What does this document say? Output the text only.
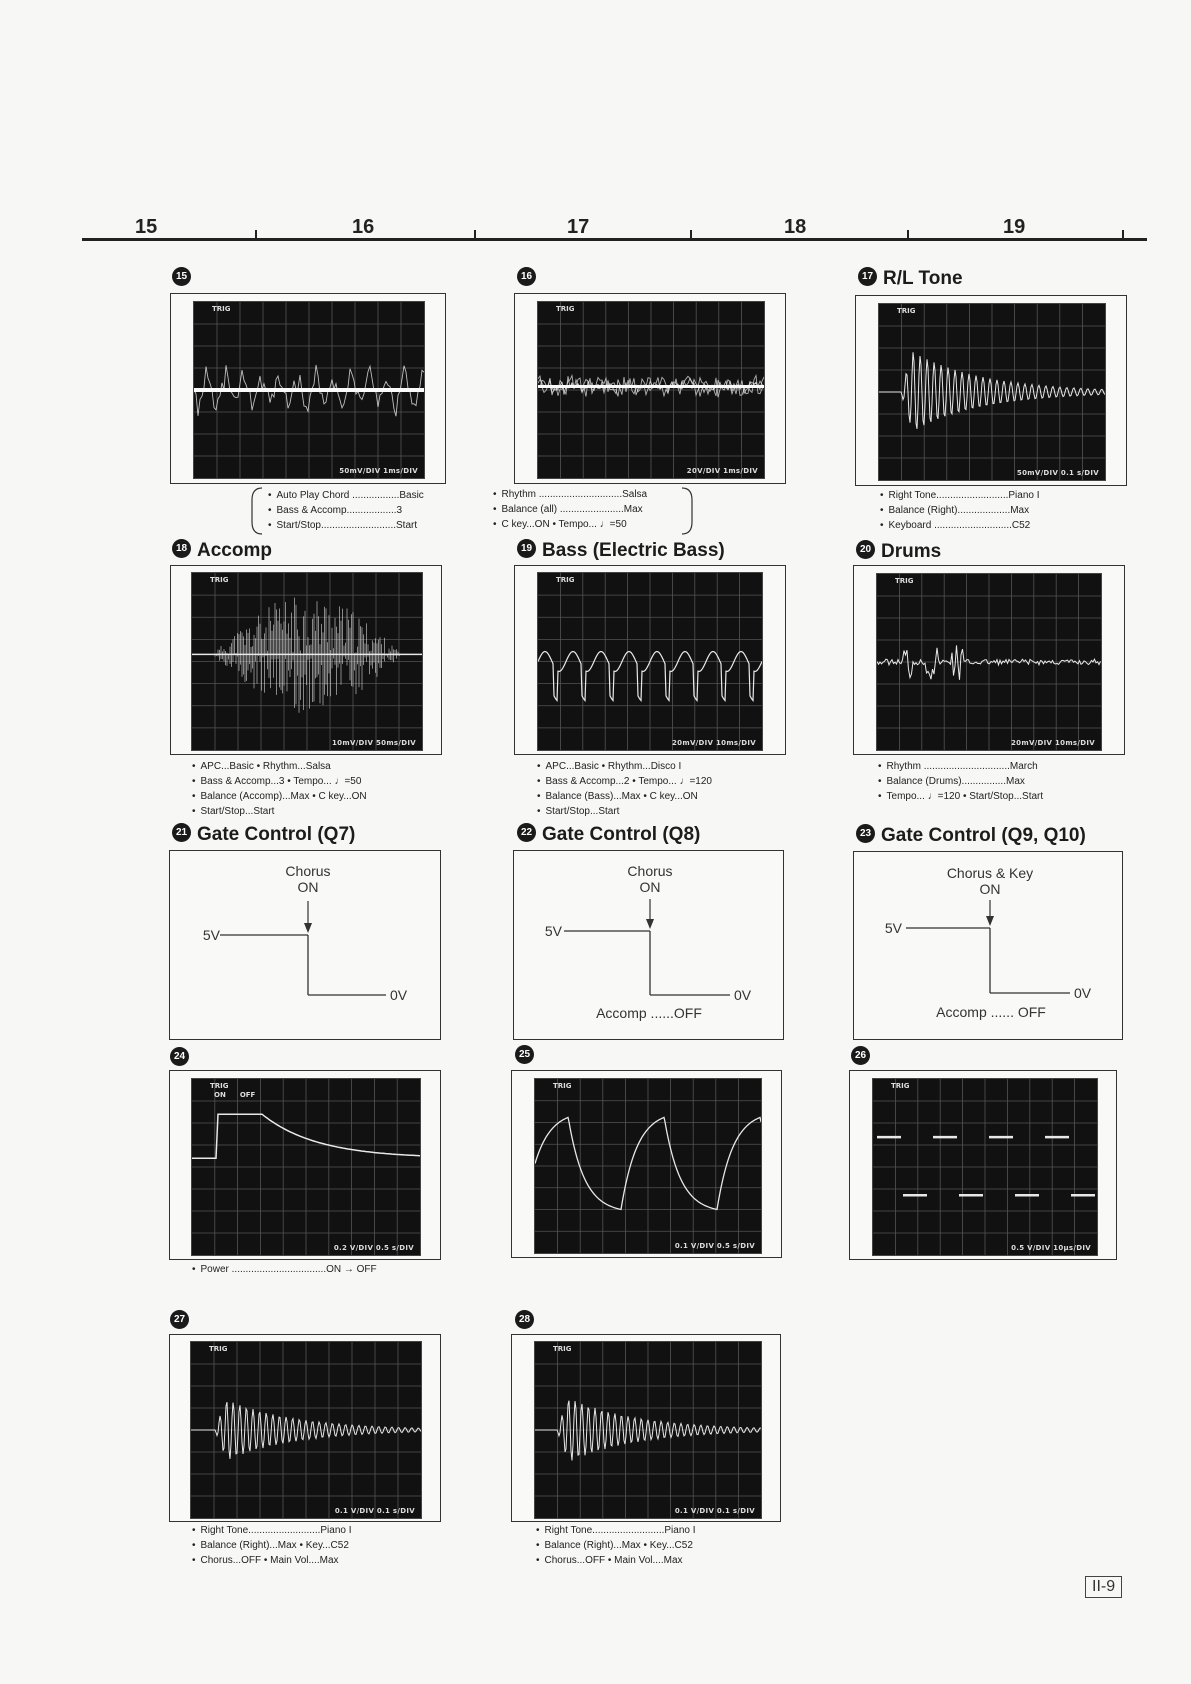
15	16	17	18	19
15
TRIG
50mV/DIV 1ms/DIV
16
TRIG
20V/DIV 1ms/DIV
17 R/L Tone
TRIG
50mV/DIV 0.1 s/DIV
• Auto Play Chord .................Basic
• Bass & Accomp..................3
• Start/Stop...........................Start
• Rhythm ..............................Salsa
• Balance (all) .......................Max
• C key...ON • Tempo... ♩=50
• Right Tone..........................Piano I
• Balance (Right)...................Max
• Keyboard ............................C52
18 Accomp
TRIG
10mV/DIV 50ms/DIV
19 Bass (Electric Bass)
TRIG
20mV/DIV 10ms/DIV
20 Drums
TRIG
20mV/DIV 10ms/DIV
• APC...Basic • Rhythm...Salsa
• Bass & Accomp...3 • Tempo... ♩=50
• Balance (Accomp)...Max • C key...ON
• Start/Stop...Start
• APC...Basic • Rhythm...Disco I
• Bass & Accomp...2 • Tempo... ♩=120
• Balance (Bass)...Max • C key...ON
• Start/Stop...Start
• Rhythm ...............................March
• Balance (Drums)................Max
• Tempo... ♩=120 • Start/Stop...Start
21 Gate Control (Q7)
Chorus
ON
5V
0V
22 Gate Control (Q8)
Chorus
ON
5V
0V
Accomp ......OFF
23 Gate Control (Q9, Q10)
Chorus & Key
ON
5V
0V
Accomp ...... OFF
24
TRIG
ON OFF
0.2 V/DIV 0.5 s/DIV
25
TRIG
0.1 V/DIV 0.5 s/DIV
26
TRIG
0.5 V/DIV 10μs/DIV
• Power ..................................ON → OFF
27
TRIG
0.1 V/DIV 0.1 s/DIV
28
TRIG
0.1 V/DIV 0.1 s/DIV
• Right Tone..........................Piano I
• Balance (Right)...Max • Key...C52
• Chorus...OFF • Main Vol....Max
• Right Tone..........................Piano I
• Balance (Right)...Max • Key...C52
• Chorus...OFF • Main Vol....Max
II-9
